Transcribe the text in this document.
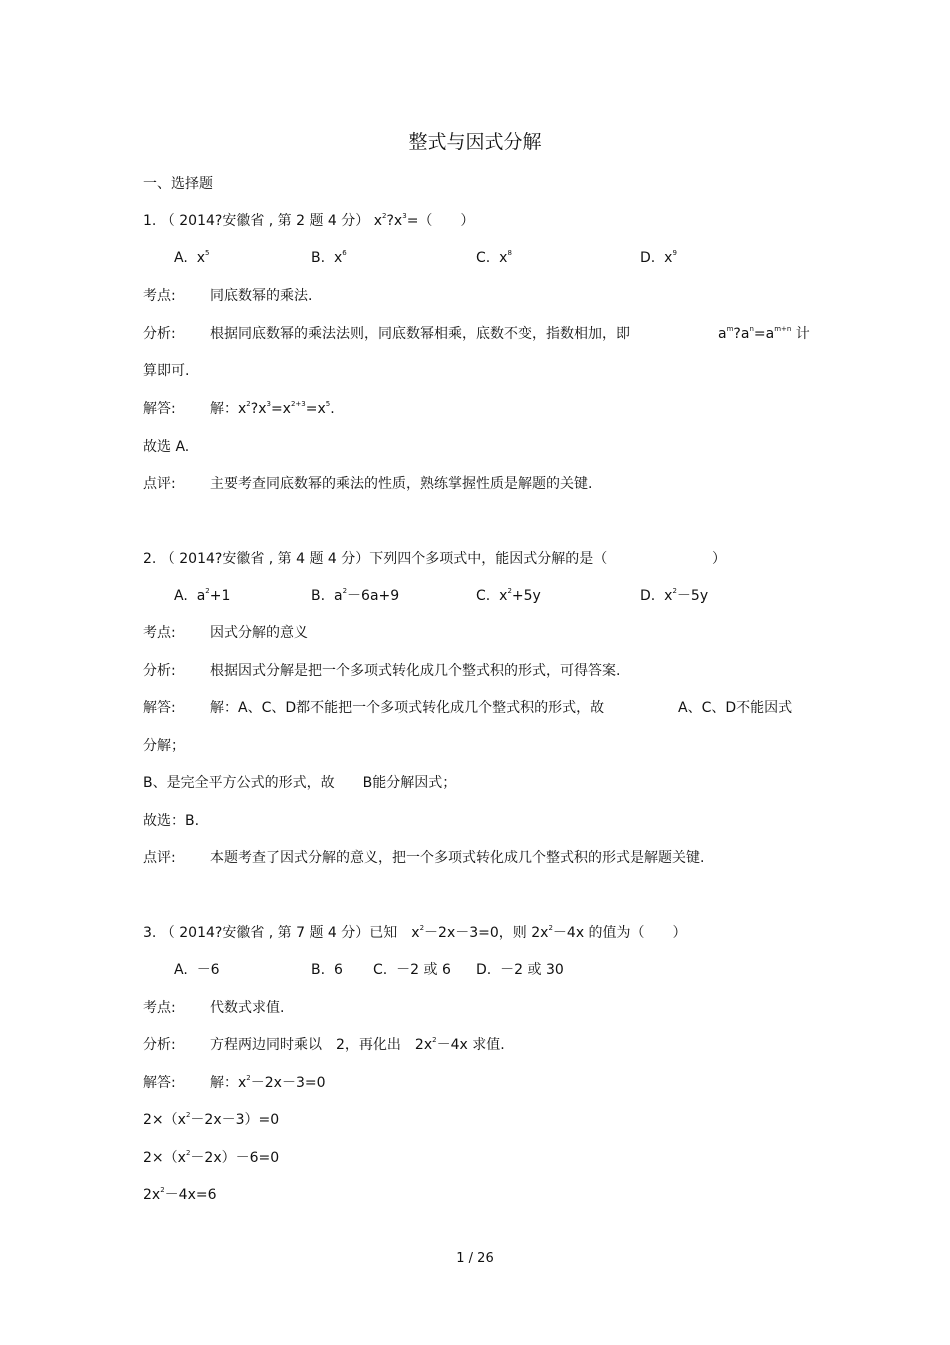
整式与因式分解
一、选择题
1. （ 2014?安徽省 , 第 2 题 4 分） $x^2?x^3=$（　　）
A. $x^5$	B. $x^6$	C. $x^8$	D. $x^9$
考点: 同底数幂的乘法.
分析: 根据同底数幂的乘法法则，同底数幂相乘，底数不变，指数相加，即	$a^m?a^n=a^{m+n}$ 计
算即可.
解答: 解：$x^2?x^3=x^{2+3}=x^5$.
故选 A.
点评: 主要考查同底数幂的乘法的性质，熟练掌握性质是解题的关键.
2. （ 2014?安徽省 , 第 4 题 4 分）下列四个多项式中，能因式分解的是（	）
A. $a^2+1$	B. $a^2-6a+9$	C. $x^2+5y$	D. $x^2-5y$
考点: 因式分解的意义
分析: 根据因式分解是把一个多项式转化成几个整式积的形式，可得答案.
解答: 解：A、C、D都不能把一个多项式转化成几个整式积的形式，故	A、C、D不能因式
分解；
B、是完全平方公式的形式，故　　B能分解因式；
故选：B.
点评: 本题考查了因式分解的意义，把一个多项式转化成几个整式积的形式是解题关键.
3. （ 2014?安徽省 , 第 7 题 4 分）已知　$x^2-2x-3=0$，则 $2x^2-4x$ 的值为（　　）
A. －6	B. 6 C. －2 或 6 D. －2 或 30
考点: 代数式求值.
分析: 方程两边同时乘以　2，再化出　$2x^2-4x$ 求值.
解答: 解：$x^2-2x-3=0$
$2\times(x^2-2x-3)=0$
$2\times(x^2-2x)-6=0$
$2x^2-4x=6$
1 / 26
